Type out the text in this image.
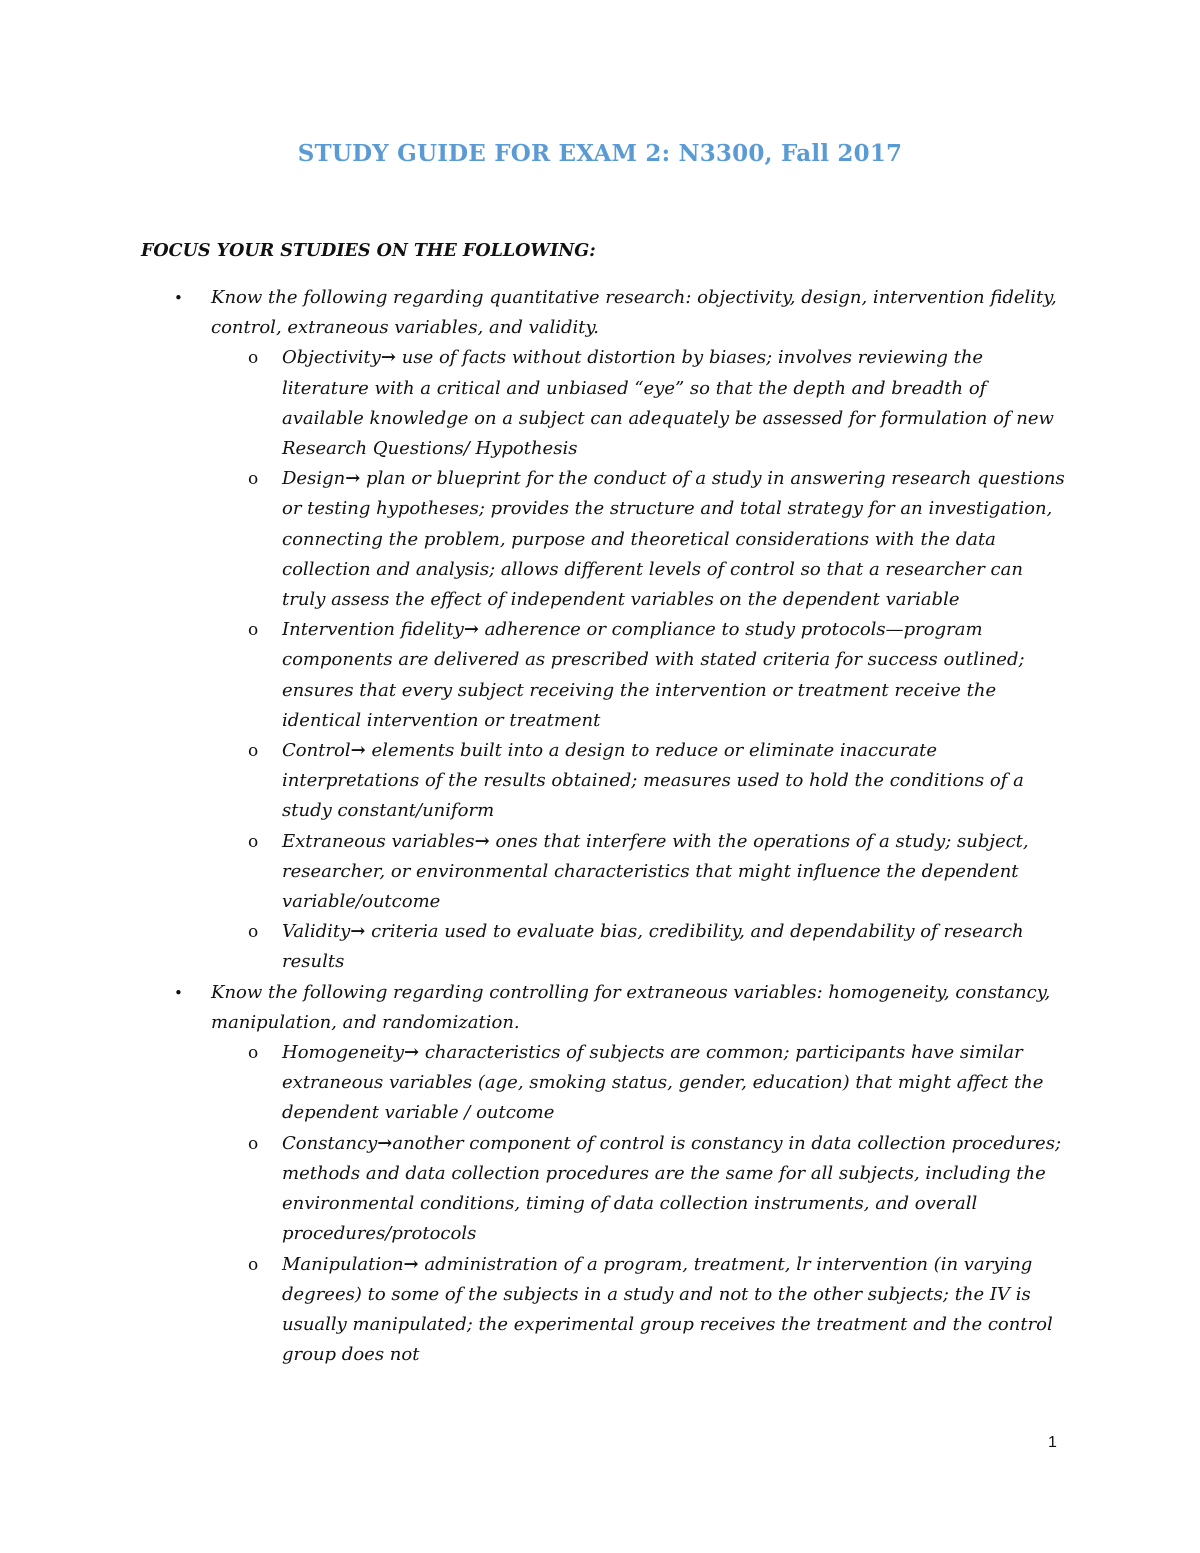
STUDY GUIDE FOR EXAM 2: N3300, Fall 2017
FOCUS YOUR STUDIES ON THE FOLLOWING:
• Know the following regarding quantitative research: objectivity, design, intervention fidelity, control, extraneous variables, and validity.
o Objectivity→ use of facts without distortion by biases; involves reviewing the literature with a critical and unbiased “eye” so that the depth and breadth of available knowledge on a subject can adequately be assessed for formulation of new Research Questions/ Hypothesis
o Design→ plan or blueprint for the conduct of a study in answering research questions or testing hypotheses; provides the structure and total strategy for an investigation, connecting the problem, purpose and theoretical considerations with the data collection and analysis; allows different levels of control so that a researcher can truly assess the effect of independent variables on the dependent variable
o Intervention fidelity→ adherence or compliance to study protocols—program components are delivered as prescribed with stated criteria for success outlined; ensures that every subject receiving the intervention or treatment receive the identical intervention or treatment
o Control→ elements built into a design to reduce or eliminate inaccurate interpretations of the results obtained; measures used to hold the conditions of a study constant/uniform
o Extraneous variables→ ones that interfere with the operations of a study; subject, researcher, or environmental characteristics that might influence the dependent variable/outcome
o Validity→ criteria used to evaluate bias, credibility, and dependability of research results
• Know the following regarding controlling for extraneous variables: homogeneity, constancy, manipulation, and randomization.
o Homogeneity→ characteristics of subjects are common; participants have similar extraneous variables (age, smoking status, gender, education) that might affect the dependent variable / outcome
o Constancy→another component of control is constancy in data collection procedures; methods and data collection procedures are the same for all subjects, including the environmental conditions, timing of data collection instruments, and overall procedures/protocols
o Manipulation→ administration of a program, treatment, lr intervention (in varying degrees) to some of the subjects in a study and not to the other subjects; the IV is usually manipulated; the experimental group receives the treatment and the control group does not
1
